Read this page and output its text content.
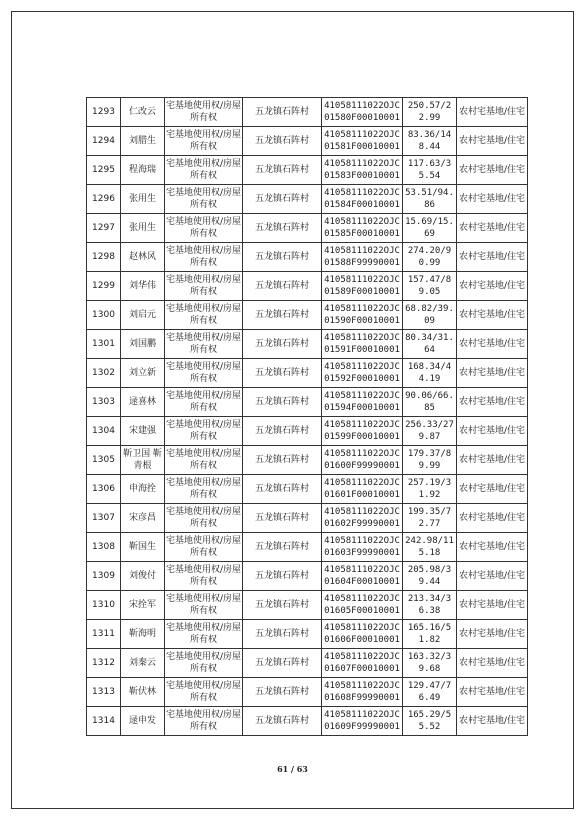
1293	仁改云	宅基地使用权/房屋所有权	五龙镇石阵村	41058111022OJC01580F00010001	250.57/22.99	农村宅基地/住宅
1294	刘腊生	宅基地使用权/房屋所有权	五龙镇石阵村	41058111022OJC01581F00010001	83.36/148.44	农村宅基地/住宅
1295	程海瑞	宅基地使用权/房屋所有权	五龙镇石阵村	41058111022OJC01583F00010001	117.63/35.54	农村宅基地/住宅
1296	张用生	宅基地使用权/房屋所有权	五龙镇石阵村	41058111022OJC01584F00010001	53.51/94.86	农村宅基地/住宅
1297	张用生	宅基地使用权/房屋所有权	五龙镇石阵村	41058111022OJC01585F00010001	15.69/15.69	农村宅基地/住宅
1298	赵林风	宅基地使用权/房屋所有权	五龙镇石阵村	41058111022OJC01588F99990001	274.20/90.99	农村宅基地/住宅
1299	刘华伟	宅基地使用权/房屋所有权	五龙镇石阵村	41058111022OJC01589F00010001	157.47/89.05	农村宅基地/住宅
1300	刘启元	宅基地使用权/房屋所有权	五龙镇石阵村	41058111022OJC01590F00010001	68.82/39.09	农村宅基地/住宅
1301	刘国鹏	宅基地使用权/房屋所有权	五龙镇石阵村	41058111022OJC01591F00010001	80.34/31.64	农村宅基地/住宅
1302	刘立新	宅基地使用权/房屋所有权	五龙镇石阵村	41058111022OJC01592F00010001	168.34/44.19	农村宅基地/住宅
1303	逯喜林	宅基地使用权/房屋所有权	五龙镇石阵村	41058111022OJC01594F00010001	90.06/66.85	农村宅基地/住宅
1304	宋建强	宅基地使用权/房屋所有权	五龙镇石阵村	41058111022OJC01599F00010001	256.33/279.87	农村宅基地/住宅
1305	靳卫国 靳青根	宅基地使用权/房屋所有权	五龙镇石阵村	41058111022OJC01600F99990001	179.37/89.99	农村宅基地/住宅
1306	申海拴	宅基地使用权/房屋所有权	五龙镇石阵村	41058111022OJC01601F00010001	257.19/31.92	农村宅基地/住宅
1307	宋彦昌	宅基地使用权/房屋所有权	五龙镇石阵村	41058111022OJC01602F99990001	199.35/72.77	农村宅基地/住宅
1308	靳国生	宅基地使用权/房屋所有权	五龙镇石阵村	41058111022OJC01603F99990001	242.98/115.18	农村宅基地/住宅
1309	刘俊付	宅基地使用权/房屋所有权	五龙镇石阵村	41058111022OJC01604F00010001	205.98/39.44	农村宅基地/住宅
1310	宋拴军	宅基地使用权/房屋所有权	五龙镇石阵村	41058111022OJC01605F00010001	213.34/36.38	农村宅基地/住宅
1311	靳海明	宅基地使用权/房屋所有权	五龙镇石阵村	41058111022OJC01606F00010001	165.16/51.82	农村宅基地/住宅
1312	刘秦云	宅基地使用权/房屋所有权	五龙镇石阵村	41058111022OJC01607F00010001	163.32/39.68	农村宅基地/住宅
1313	靳伏林	宅基地使用权/房屋所有权	五龙镇石阵村	41058111022OJC01608F99990001	129.47/76.49	农村宅基地/住宅
1314	逯申发	宅基地使用权/房屋所有权	五龙镇石阵村	41058111022OJC01609F99990001	165.29/55.52	农村宅基地/住宅
61 / 63
